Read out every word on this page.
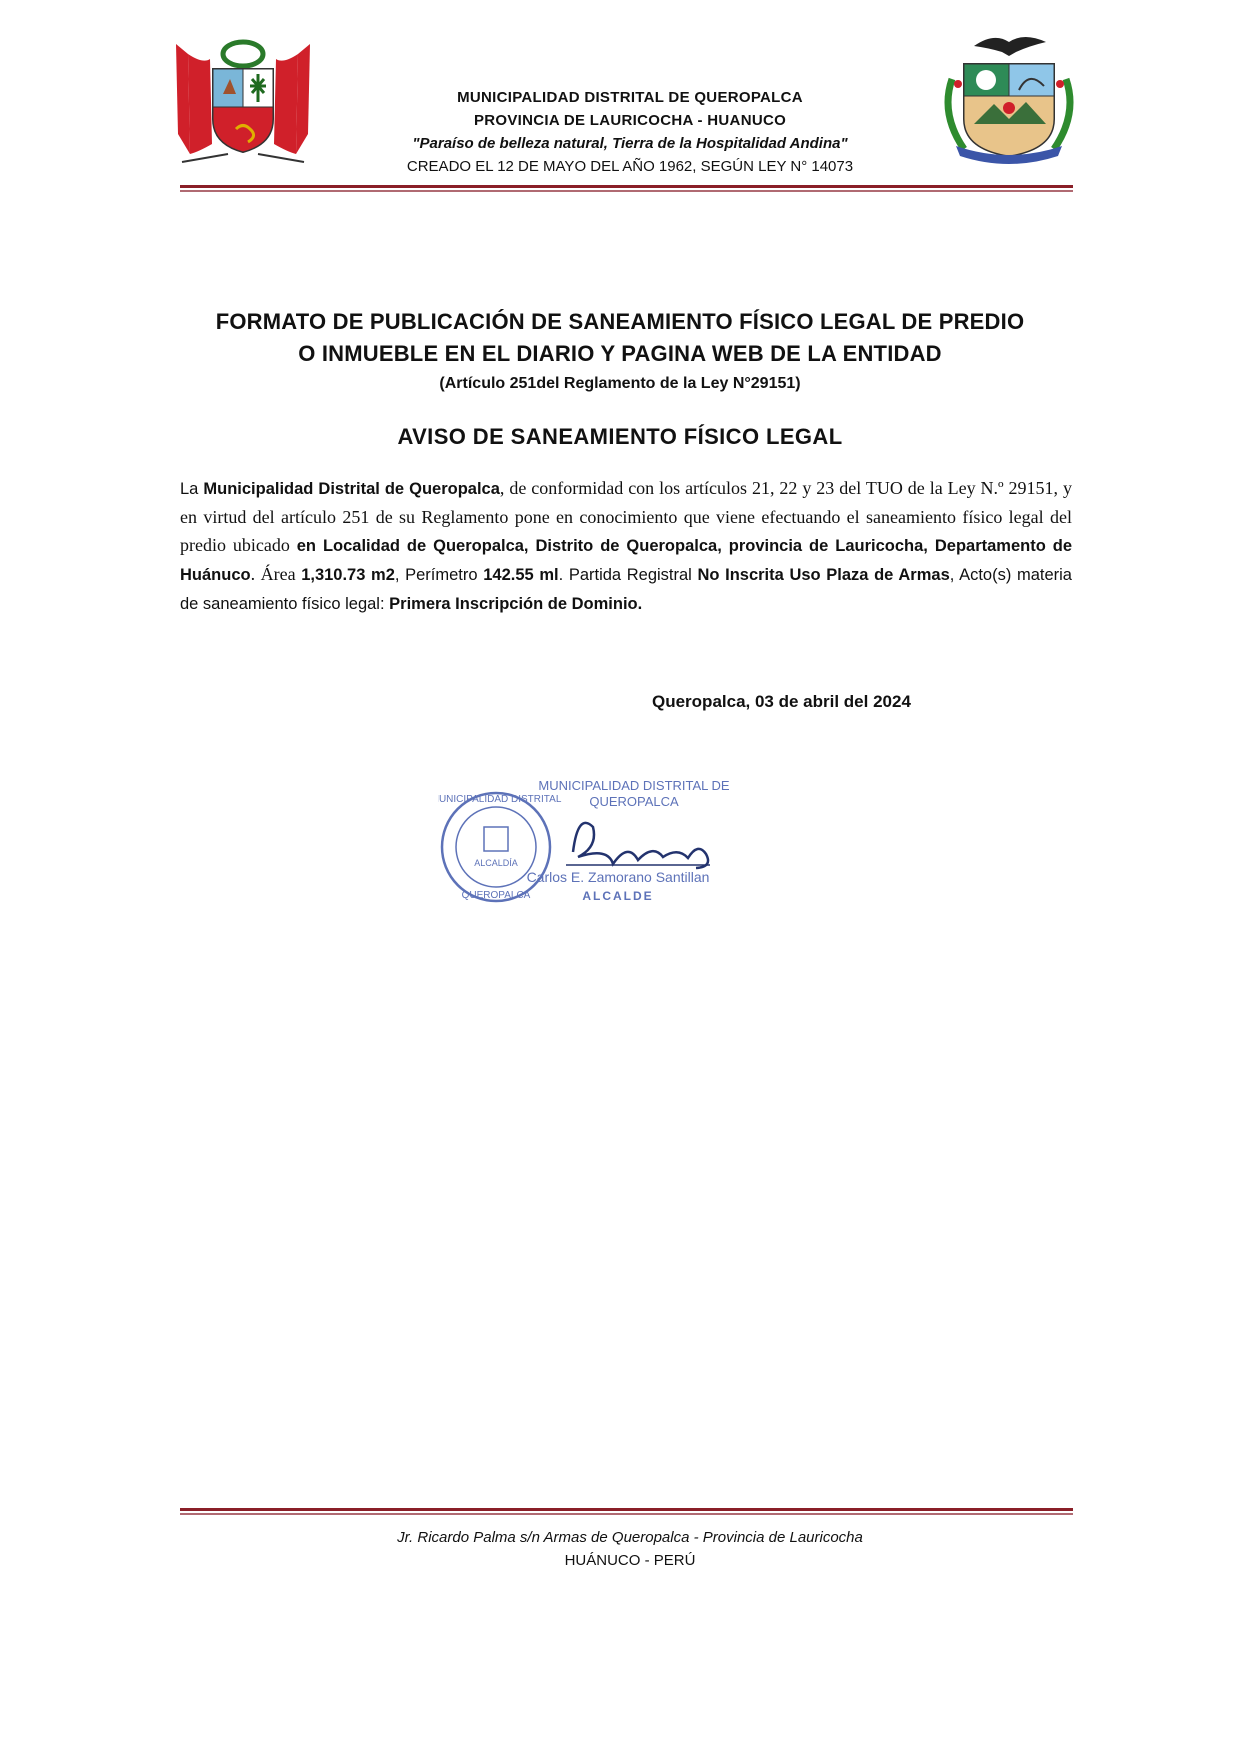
MUNICIPALIDAD DISTRITAL DE QUEROPALCA
PROVINCIA DE LAURICOCHA - HUANUCO
"Paraíso de belleza natural, Tierra de la Hospitalidad Andina"
CREADO EL 12 DE MAYO DEL AÑO 1962, SEGÚN LEY N° 14073
FORMATO DE PUBLICACIÓN DE SANEAMIENTO FÍSICO LEGAL DE PREDIO
O INMUEBLE EN EL DIARIO Y PAGINA WEB DE LA ENTIDAD
(Artículo 251del Reglamento de la Ley N°29151)
AVISO DE SANEAMIENTO FÍSICO LEGAL
La Municipalidad Distrital de Queropalca, de conformidad con los artículos 21, 22 y 23 del TUO de la Ley N.º 29151, y en virtud del artículo 251 de su Reglamento pone en conocimiento que viene efectuando el saneamiento físico legal del predio ubicado en Localidad de Queropalca, Distrito de Queropalca, provincia de Lauricocha, Departamento de Huánuco. Área 1,310.73 m2, Perímetro 142.55 ml. Partida Registral No Inscrita Uso Plaza de Armas, Acto(s) materia de saneamiento físico legal: Primera Inscripción de Dominio.
Queropalca, 03 de abril del 2024
MUNICIPALIDAD DISTRITAL
ALCALDÍA
QUEROPALCA
MUNICIPALIDAD DISTRITAL DE
QUEROPALCA
Carlos E. Zamorano Santillan
ALCALDE
Jr. Ricardo Palma s/n Armas de Queropalca - Provincia de Lauricocha
HUÁNUCO - PERÚ
